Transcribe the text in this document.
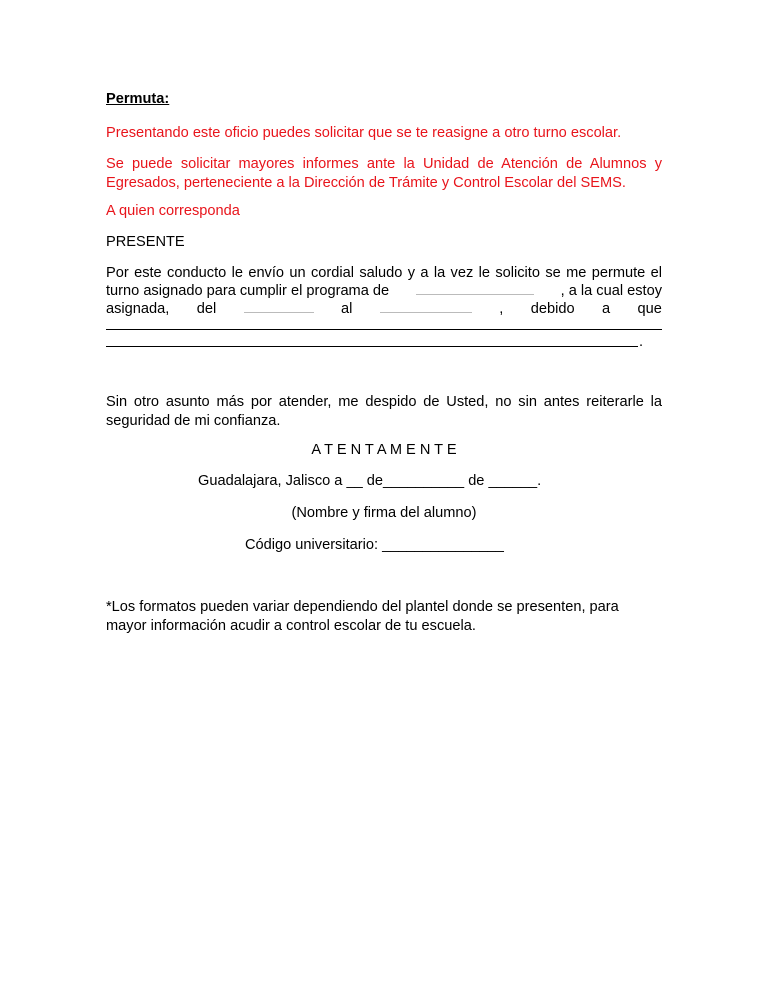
Permuta:
Presentando este oficio puedes solicitar que se te reasigne a otro turno escolar.
Se puede solicitar mayores informes ante la Unidad de Atención de Alumnos y Egresados, perteneciente a la Dirección de Trámite y Control Escolar del SEMS.
A quien corresponda
PRESENTE
Por este conducto le envío un cordial saludo y a la vez le solicito se me permute el
turno asignado para cumplir el programa de	, a la cual estoy
asignada, del	al	, debido a que
.
Sin otro asunto más por atender, me despido de Usted, no sin antes reiterarle la seguridad de mi confianza.
A T E N T A M E N T E
Guadalajara, Jalisco a __ de__________ de ______.
(Nombre y firma del alumno)
Código universitario: _______________
*Los formatos pueden variar dependiendo del plantel donde se presenten, para mayor información acudir a control escolar de tu escuela.
